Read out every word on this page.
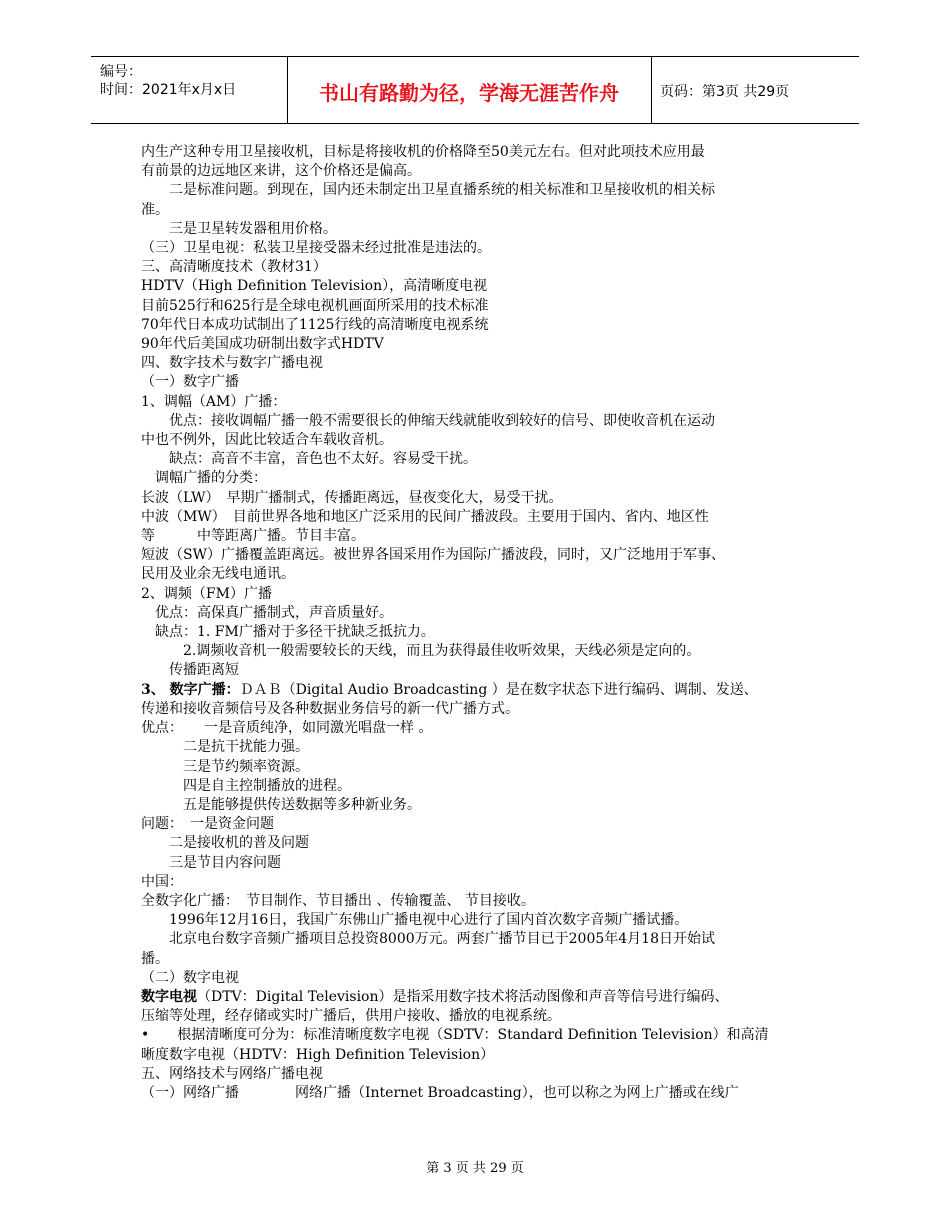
编号：
时间：2021年x月x日	书山有路勤为径，学海无涯苦作舟	页码：第3页 共29页

内生产这种专用卫星接收机，目标是将接收机的价格降至50美元左右。但对此项技术应用最

有前景的边远地区来讲，这个价格还是偏高。

　　二是标准问题。到现在，国内还未制定出卫星直播系统的相关标准和卫星接收机的相关标

准。

　　三是卫星转发器租用价格。

（三）卫星电视：私装卫星接受器未经过批准是违法的。

三、高清晰度技术（教材31）

HDTV（High Definition Television），高清晰度电视

目前525行和625行是全球电视机画面所采用的技术标准

70年代日本成功试制出了1125行线的高清晰度电视系统

90年代后美国成功研制出数字式HDTV

四、数字技术与数字广播电视

（一）数字广播

1、调幅（AM）广播：

　　优点：接收调幅广播一般不需要很长的伸缩天线就能收到较好的信号、即使收音机在运动

中也不例外，因此比较适合车载收音机。

　　缺点：高音不丰富，音色也不太好。容易受干扰。

　调幅广播的分类：

长波（LW）　早期广播制式，传播距离远，昼夜变化大，易受干扰。

中波（MW）　目前世界各地和地区广泛采用的民间广播波段。主要用于国内、省内、地区性

等　　　中等距离广播。节目丰富。

短波（SW）广播覆盖距离远。被世界各国采用作为国际广播波段，同时，又广泛地用于军事、

民用及业余无线电通讯。

2、调频（FM）广播

　优点：高保真广播制式，声音质量好。

　缺点：1. FM广播对于多径干扰缺乏抵抗力。

　　　2.调频收音机一般需要较长的天线，而且为获得最佳收听效果，天线必须是定向的。

　　传播距离短

3、 数字广播：ＤＡＢ（Digital Audio Broadcasting ）是在数字状态下进行编码、调制、发送、

传递和接收音频信号及各种数据业务信号的新一代广播方式。

优点：　　一是音质纯净，如同激光唱盘一样 。

　　　二是抗干扰能力强。

　　　三是节约频率资源。

　　　四是自主控制播放的进程。

　　　五是能够提供传送数据等多种新业务。

问题：　一是资金问题

　　二是接收机的普及问题

　　三是节目内容问题

中国：

全数字化广播：　节目制作、节目播出 、传输覆盖、 节目接收。

　　1996年12月16日，我国广东佛山广播电视中心进行了国内首次数字音频广播试播。

　　北京电台数字音频广播项目总投资8000万元。两套广播节目已于2005年4月18日开始试

播。

（二）数字电视

数字电视（DTV：Digital Television）是指采用数字技术将活动图像和声音等信号进行编码、

压缩等处理，经存储或实时广播后，供用户接收、播放的电视系统。

•　　根据清晰度可分为：标准清晰度数字电视（SDTV：Standard Definition Television）和高清

晰度数字电视（HDTV：High Definition Television）

五、网络技术与网络广播电视

（一）网络广播　　　　网络广播（Internet Broadcasting），也可以称之为网上广播或在线广

第 3 页 共 29 页
